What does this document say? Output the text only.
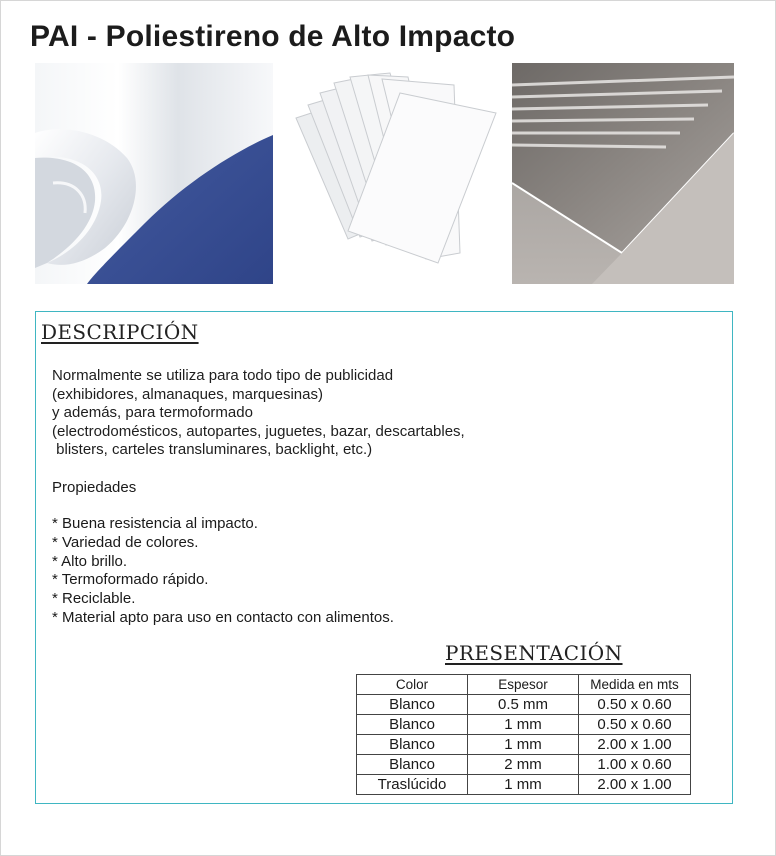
PAI - Poliestireno de Alto Impacto
DESCRIPCIÓN
Normalmente se utiliza para todo tipo de publicidad
(exhibidores, almanaques, marquesinas)
y además, para termoformado
(electrodomésticos, autopartes, juguetes, bazar, descartables,
blisters, carteles transluminares, backlight, etc.)
Propiedades
* Buena resistencia al impacto.
* Variedad de colores.
* Alto brillo.
* Termoformado rápido.
* Reciclable.
* Material apto para uso en contacto con alimentos.
PRESENTACIÓN
Color	Espesor	Medida en mts
Blanco	0.5 mm	0.50 x 0.60
Blanco	1 mm	0.50 x 0.60
Blanco	1 mm	2.00 x 1.00
Blanco	2 mm	1.00 x 0.60
Traslúcido	1 mm	2.00 x 1.00
